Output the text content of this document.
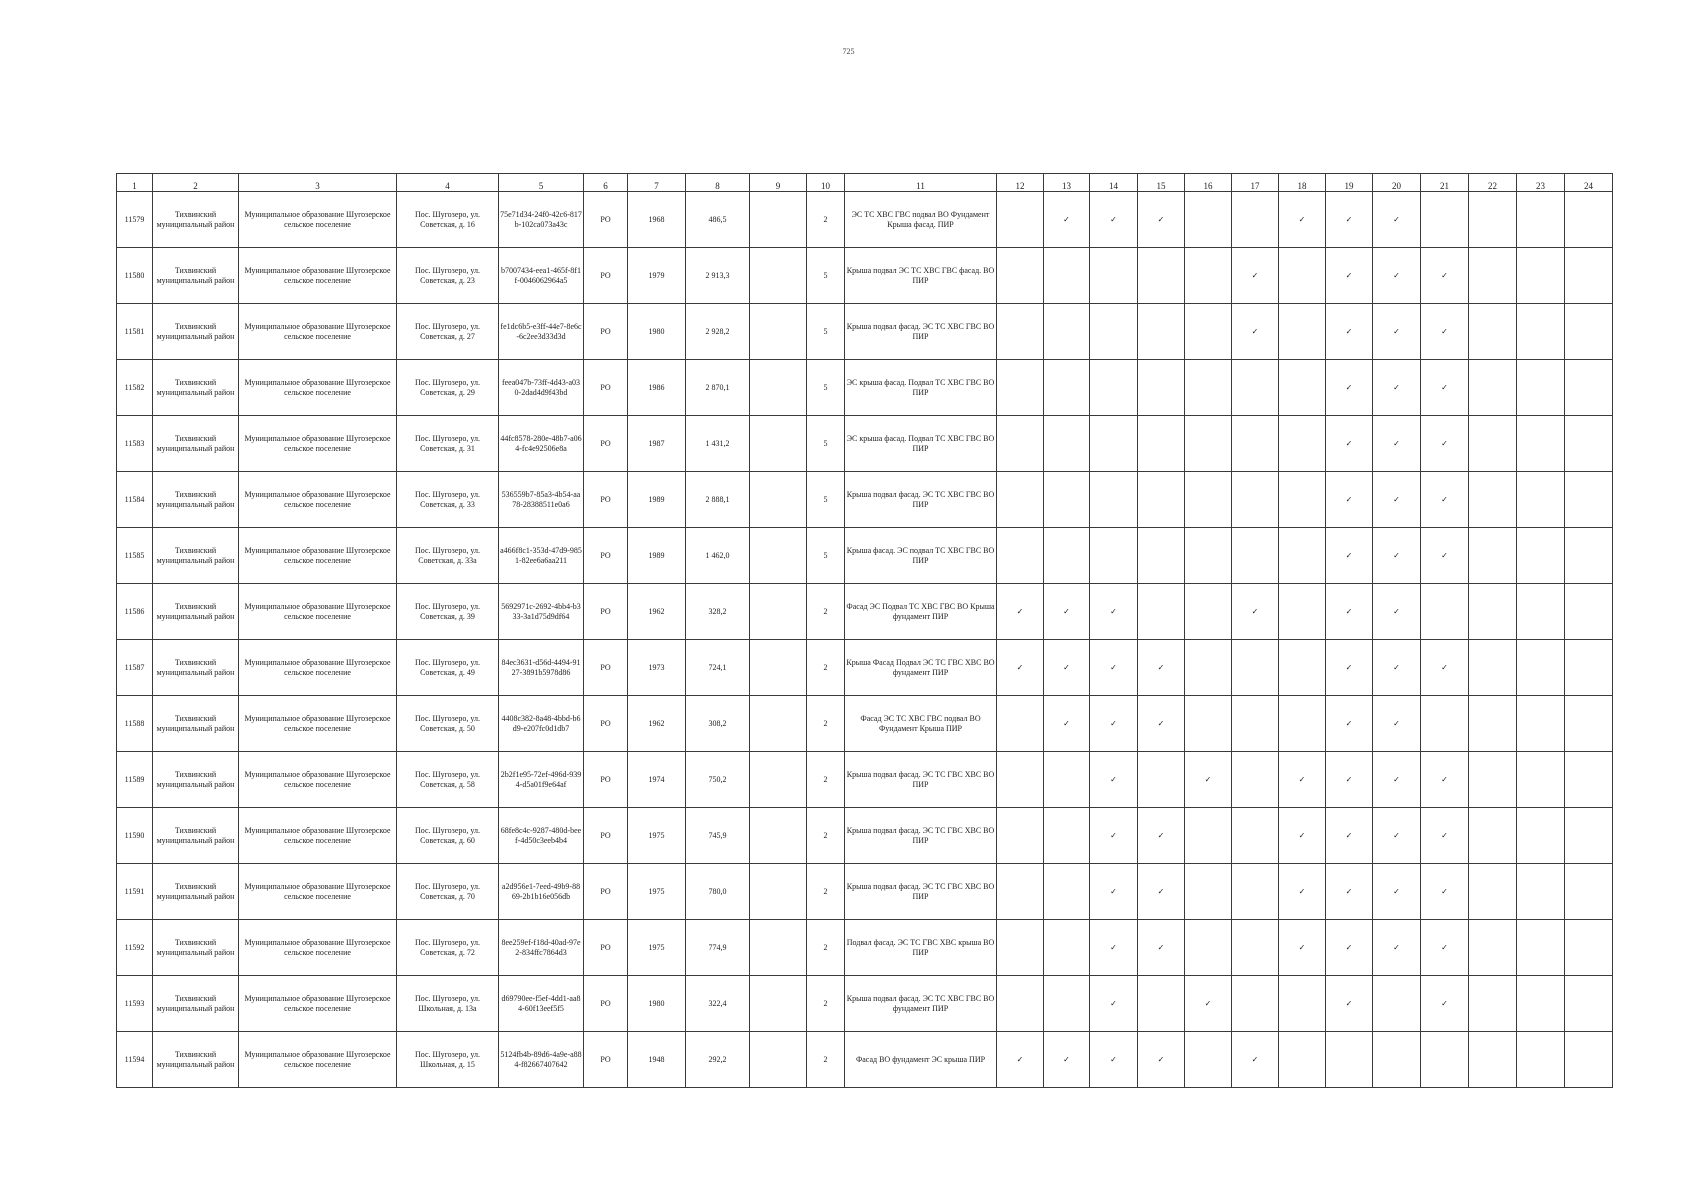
725
1	2	3	4	5	6	7	8	9	10	11	12	13	14	15	16	17	18	19	20	21	22	23	24
11579	Тихвинский муниципальный район	Муниципальное образование Шугозерское сельское поселение	Пос. Шугозеро, ул. Советская, д. 16	75e71d34-24f0-42c6-817b-102ca073a43c	РО	1968	486,5		2	ЭС ТС ХВС ГВС подвал ВО Фундамент Крыша фасад. ПИР		✓	✓	✓			✓	✓	✓				
11580	Тихвинский муниципальный район	Муниципальное образование Шугозерское сельское поселение	Пос. Шугозеро, ул. Советская, д. 23	b7007434-eea1-465f-8f1f-0046062964a5	РО	1979	2 913,3		5	Крыша подвал ЭС ТС ХВС ГВС фасад. ВО ПИР						✓		✓	✓	✓			
11581	Тихвинский муниципальный район	Муниципальное образование Шугозерское сельское поселение	Пос. Шугозеро, ул. Советская, д. 27	fe1dc6b5-e3ff-44e7-8e6c-6c2ee3d33d3d	РО	1980	2 928,2		5	Крыша подвал фасад. ЭС ТС ХВС ГВС ВО ПИР						✓		✓	✓	✓			
11582	Тихвинский муниципальный район	Муниципальное образование Шугозерское сельское поселение	Пос. Шугозеро, ул. Советская, д. 29	feea047b-73ff-4d43-a030-2dad4d9f43bd	РО	1986	2 870,1		5	ЭС крыша фасад. Подвал ТС ХВС ГВС ВО ПИР								✓	✓	✓			
11583	Тихвинский муниципальный район	Муниципальное образование Шугозерское сельское поселение	Пос. Шугозеро, ул. Советская, д. 31	44fc8578-280e-48b7-a064-fc4e92506e8a	РО	1987	1 431,2		5	ЭС крыша фасад. Подвал ТС ХВС ГВС ВО ПИР								✓	✓	✓			
11584	Тихвинский муниципальный район	Муниципальное образование Шугозерское сельское поселение	Пос. Шугозеро, ул. Советская, д. 33	536559b7-85a3-4b54-aa78-28388511e0a6	РО	1989	2 888,1		5	Крыша подвал фасад. ЭС ТС ХВС ГВС ВО ПИР								✓	✓	✓			
11585	Тихвинский муниципальный район	Муниципальное образование Шугозерское сельское поселение	Пос. Шугозеро, ул. Советская, д. 33а	a466f8c1-353d-47d9-9851-82ee6a6aa211	РО	1989	1 462,0		5	Крыша фасад. ЭС подвал ТС ХВС ГВС ВО ПИР								✓	✓	✓			
11586	Тихвинский муниципальный район	Муниципальное образование Шугозерское сельское поселение	Пос. Шугозеро, ул. Советская, д. 39	5692971c-2692-4bb4-b333-3a1d75d9df64	РО	1962	328,2		2	Фасад ЭС Подвал ТС ХВС ГВС ВО Крыша фундамент ПИР	✓	✓	✓			✓		✓	✓				
11587	Тихвинский муниципальный район	Муниципальное образование Шугозерское сельское поселение	Пос. Шугозеро, ул. Советская, д. 49	84ec3631-d56d-4494-9127-3891b5978d86	РО	1973	724,1		2	Крыша Фасад Подвал ЭС ТС ГВС ХВС ВО фундамент ПИР	✓	✓	✓	✓				✓	✓	✓			
11588	Тихвинский муниципальный район	Муниципальное образование Шугозерское сельское поселение	Пос. Шугозеро, ул. Советская, д. 50	4408c382-8a48-4bbd-b6d9-e207fc0d1db7	РО	1962	308,2		2	Фасад ЭС ТС ХВС ГВС подвал ВО Фундамент Крыша ПИР		✓	✓	✓				✓	✓				
11589	Тихвинский муниципальный район	Муниципальное образование Шугозерское сельское поселение	Пос. Шугозеро, ул. Советская, д. 58	2b2f1e95-72ef-496d-9394-d5a01f9e64af	РО	1974	750,2		2	Крыша подвал фасад. ЭС ТС ГВС ХВС ВО ПИР			✓		✓		✓	✓	✓	✓			
11590	Тихвинский муниципальный район	Муниципальное образование Шугозерское сельское поселение	Пос. Шугозеро, ул. Советская, д. 60	68fe8c4c-9287-480d-beef-4d50c3eeb4b4	РО	1975	745,9		2	Крыша подвал фасад. ЭС ТС ГВС ХВС ВО ПИР			✓	✓			✓	✓	✓	✓			
11591	Тихвинский муниципальный район	Муниципальное образование Шугозерское сельское поселение	Пос. Шугозеро, ул. Советская, д. 70	a2d956e1-7eed-49b9-8869-2b1b16e056db	РО	1975	780,0		2	Крыша подвал фасад. ЭС ТС ГВС ХВС ВО ПИР			✓	✓			✓	✓	✓	✓			
11592	Тихвинский муниципальный район	Муниципальное образование Шугозерское сельское поселение	Пос. Шугозеро, ул. Советская, д. 72	8ee259ef-f18d-40ad-97e2-834ffc7864d3	РО	1975	774,9		2	Подвал фасад. ЭС ТС ГВС ХВС крыша ВО ПИР			✓	✓			✓	✓	✓	✓			
11593	Тихвинский муниципальный район	Муниципальное образование Шугозерское сельское поселение	Пос. Шугозеро, ул. Школьная, д. 13а	d69790ee-f5ef-4dd1-aa84-60f13eef5f5	РО	1980	322,4		2	Крыша подвал фасад. ЭС ТС ХВС ГВС ВО фундамент ПИР			✓		✓			✓		✓			
11594	Тихвинский муниципальный район	Муниципальное образование Шугозерское сельское поселение	Пос. Шугозеро, ул. Школьная, д. 15	5124fb4b-89d6-4a9e-a884-f82667407642	РО	1948	292,2		2	Фасад ВО фундамент ЭС крыша ПИР	✓	✓	✓	✓		✓							
